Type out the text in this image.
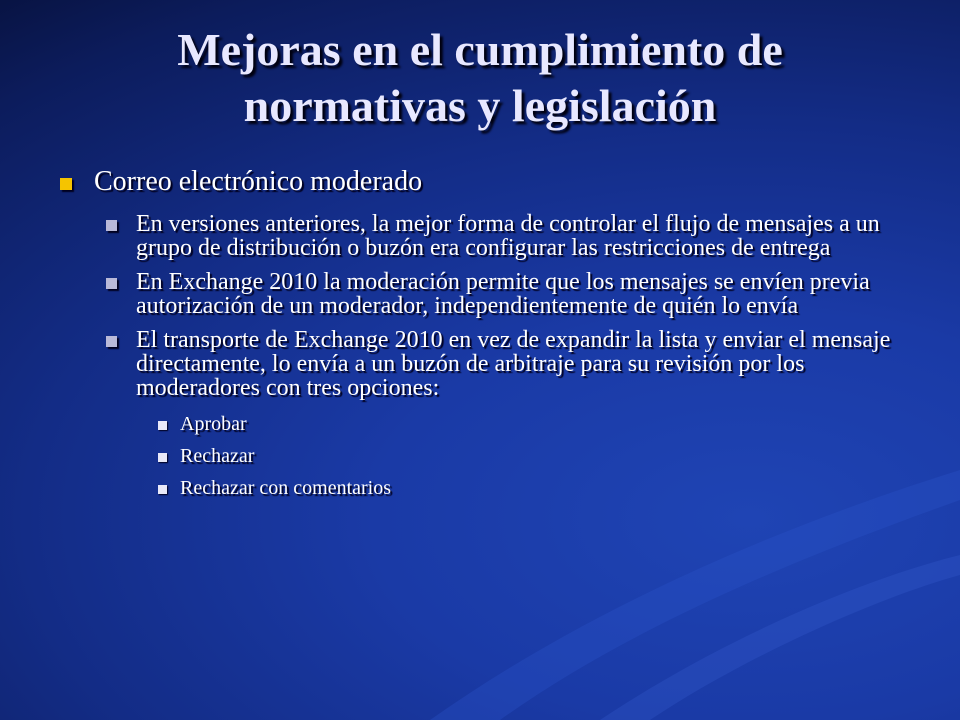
Mejoras en el cumplimiento de
normativas y legislación
Correo electrónico moderado
En versiones anteriores, la mejor forma de controlar el flujo de mensajes a un grupo de distribución o buzón era configurar las restricciones de entrega
En Exchange 2010 la moderación permite que los mensajes se envíen previa autorización de un moderador, independientemente de quién lo envía
El transporte de Exchange 2010 en vez de expandir la lista y enviar el mensaje directamente, lo envía a un buzón de arbitraje para su revisión por los moderadores con tres opciones:
Aprobar
Rechazar
Rechazar con comentarios
